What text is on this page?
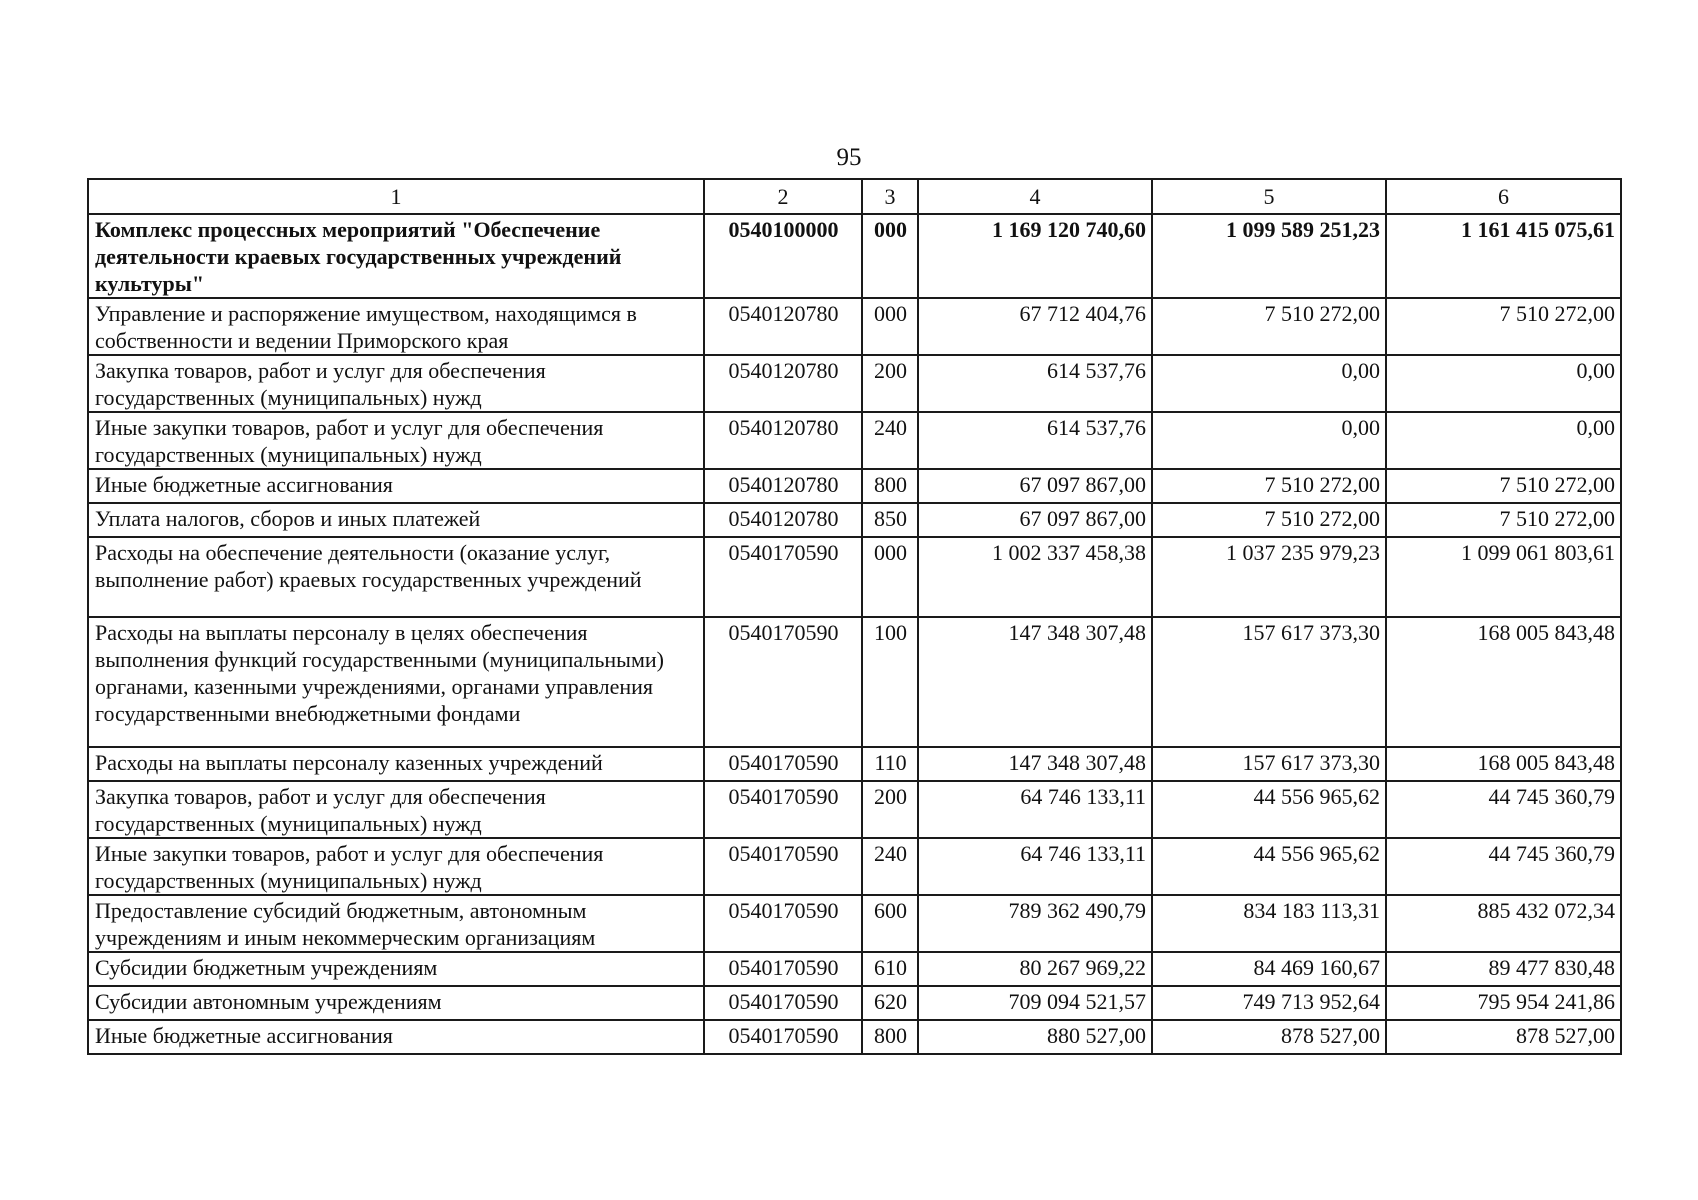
95
1	2	3	4	5	6
Комплекс процессных мероприятий "Обеспечение деятельности краевых государственных учреждений культуры"	0540100000	000	1 169 120 740,60	1 099 589 251,23	1 161 415 075,61
Управление и распоряжение имуществом, находящимся в собственности и ведении Приморского края	0540120780	000	67 712 404,76	7 510 272,00	7 510 272,00
Закупка товаров, работ и услуг для обеспечения государственных (муниципальных) нужд	0540120780	200	614 537,76	0,00	0,00
Иные закупки товаров, работ и услуг для обеспечения государственных (муниципальных) нужд	0540120780	240	614 537,76	0,00	0,00
Иные бюджетные ассигнования	0540120780	800	67 097 867,00	7 510 272,00	7 510 272,00
Уплата налогов, сборов и иных платежей	0540120780	850	67 097 867,00	7 510 272,00	7 510 272,00
Расходы на обеспечение деятельности (оказание услуг, выполнение работ) краевых государственных учреждений	0540170590	000	1 002 337 458,38	1 037 235 979,23	1 099 061 803,61
Расходы на выплаты персоналу в целях обеспечения выполнения функций государственными (муниципальными) органами, казенными учреждениями, органами управления государственными внебюджетными фондами	0540170590	100	147 348 307,48	157 617 373,30	168 005 843,48
Расходы на выплаты персоналу казенных учреждений	0540170590	110	147 348 307,48	157 617 373,30	168 005 843,48
Закупка товаров, работ и услуг для обеспечения государственных (муниципальных) нужд	0540170590	200	64 746 133,11	44 556 965,62	44 745 360,79
Иные закупки товаров, работ и услуг для обеспечения государственных (муниципальных) нужд	0540170590	240	64 746 133,11	44 556 965,62	44 745 360,79
Предоставление субсидий бюджетным, автономным учреждениям и иным некоммерческим организациям	0540170590	600	789 362 490,79	834 183 113,31	885 432 072,34
Субсидии бюджетным учреждениям	0540170590	610	80 267 969,22	84 469 160,67	89 477 830,48
Субсидии автономным учреждениям	0540170590	620	709 094 521,57	749 713 952,64	795 954 241,86
Иные бюджетные ассигнования	0540170590	800	880 527,00	878 527,00	878 527,00
